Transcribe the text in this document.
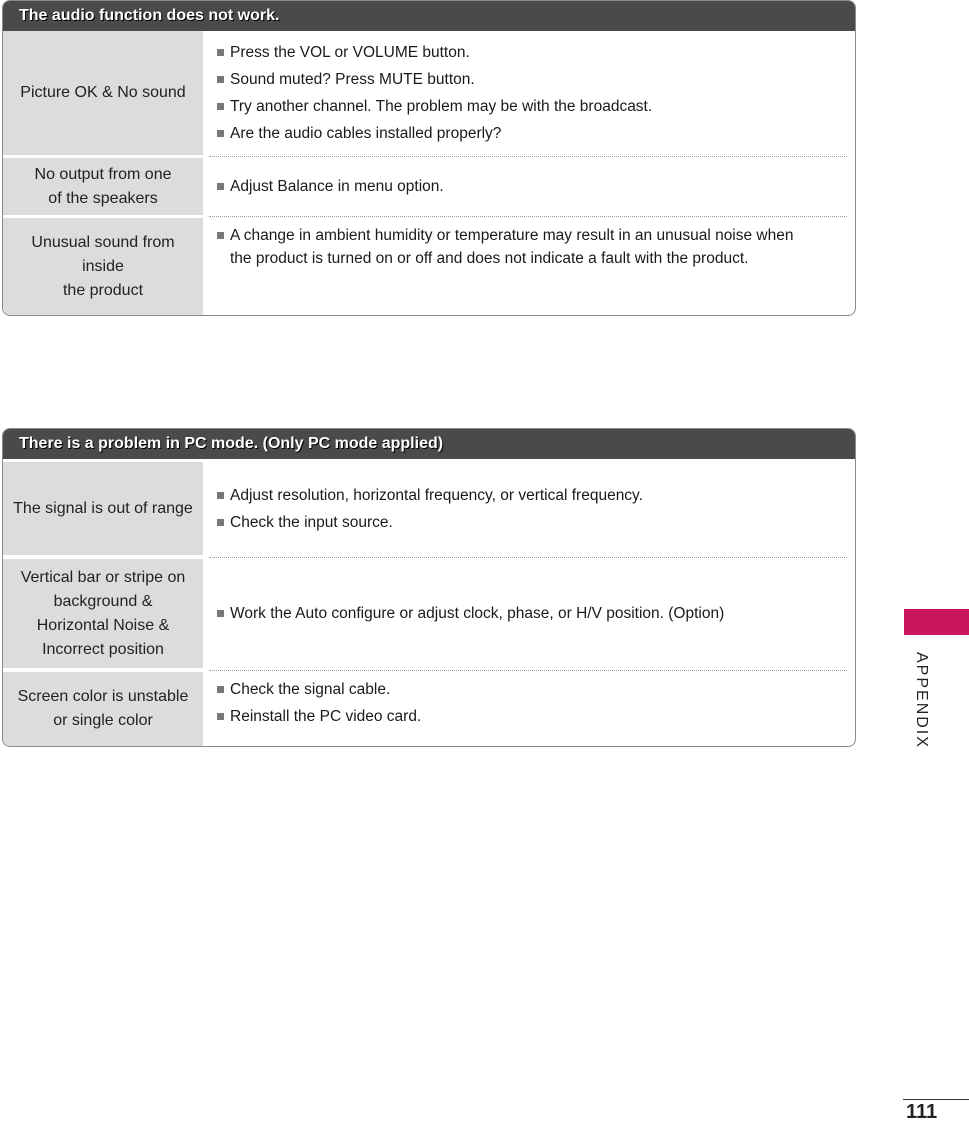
The audio function does not work.
Picture OK & No sound
Press the VOL or VOLUME button.
Sound muted? Press MUTE button.
Try another channel. The problem may be with the broadcast.
Are the audio cables installed properly?
No output from one
of the speakers
Adjust Balance in menu option.
Unusual sound from inside
the product
A change in ambient humidity or temperature may result in an unusual noise when the product is turned on or off and does not indicate a fault with the product.
There is a problem in PC mode. (Only PC mode applied)
The signal is out of range
Adjust resolution, horizontal frequency, or vertical frequency.
Check the input source.
Vertical bar or stripe on
background &
Horizontal Noise &
Incorrect position
Work the Auto configure or adjust clock, phase, or H/V position. (Option)
Screen color is unstable
or single color
Check the signal cable.
Reinstall the PC video card.	APPENDIX
111
